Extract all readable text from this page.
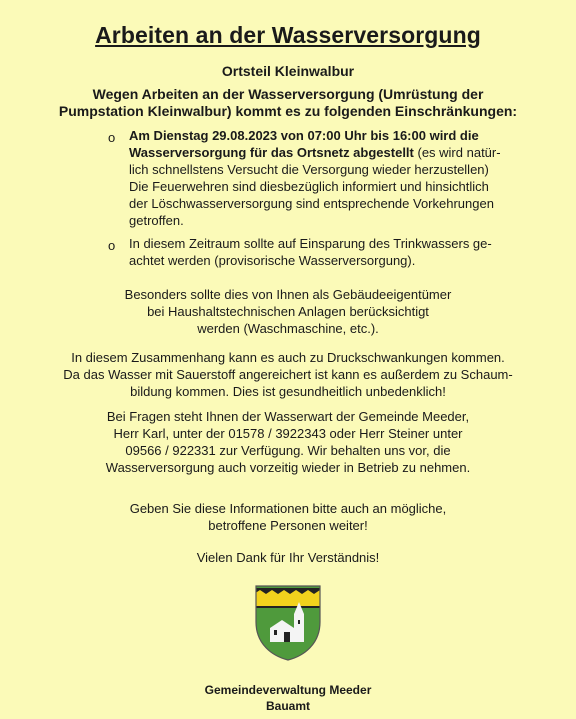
Arbeiten an der Wasserversorgung
Ortsteil Kleinwalbur
Wegen Arbeiten an der Wasserversorgung (Umrüstung der
Pumpstation Kleinwalbur) kommt es zu folgenden Einschränkungen:
o Am Dienstag 29.08.2023 von 07:00 Uhr bis 16:00 wird die
Wasserversorgung für das Ortsnetz abgestellt (es wird natür-
lich schnellstens Versucht die Versorgung wieder herzustellen)
Die Feuerwehren sind diesbezüglich informiert und hinsichtlich
der Löschwasserversorgung sind entsprechende Vorkehrungen
getroffen.
o In diesem Zeitraum sollte auf Einsparung des Trinkwassers ge-
achtet werden (provisorische Wasserversorgung).
Besonders sollte dies von Ihnen als Gebäudeeigentümer
bei Haushaltstechnischen Anlagen berücksichtigt
werden (Waschmaschine, etc.).
In diesem Zusammenhang kann es auch zu Druckschwankungen kommen.
Da das Wasser mit Sauerstoff angereichert ist kann es außerdem zu Schaum-
bildung kommen. Dies ist gesundheitlich unbedenklich!
Bei Fragen steht Ihnen der Wasserwart der Gemeinde Meeder,
Herr Karl, unter der 01578 / 3922343 oder Herr Steiner unter
09566 / 922331 zur Verfügung. Wir behalten uns vor, die
Wasserversorgung auch vorzeitig wieder in Betrieb zu nehmen.
Geben Sie diese Informationen bitte auch an mögliche,
betroffene Personen weiter!
Vielen Dank für Ihr Verständnis!
Gemeindeverwaltung Meeder
Bauamt
